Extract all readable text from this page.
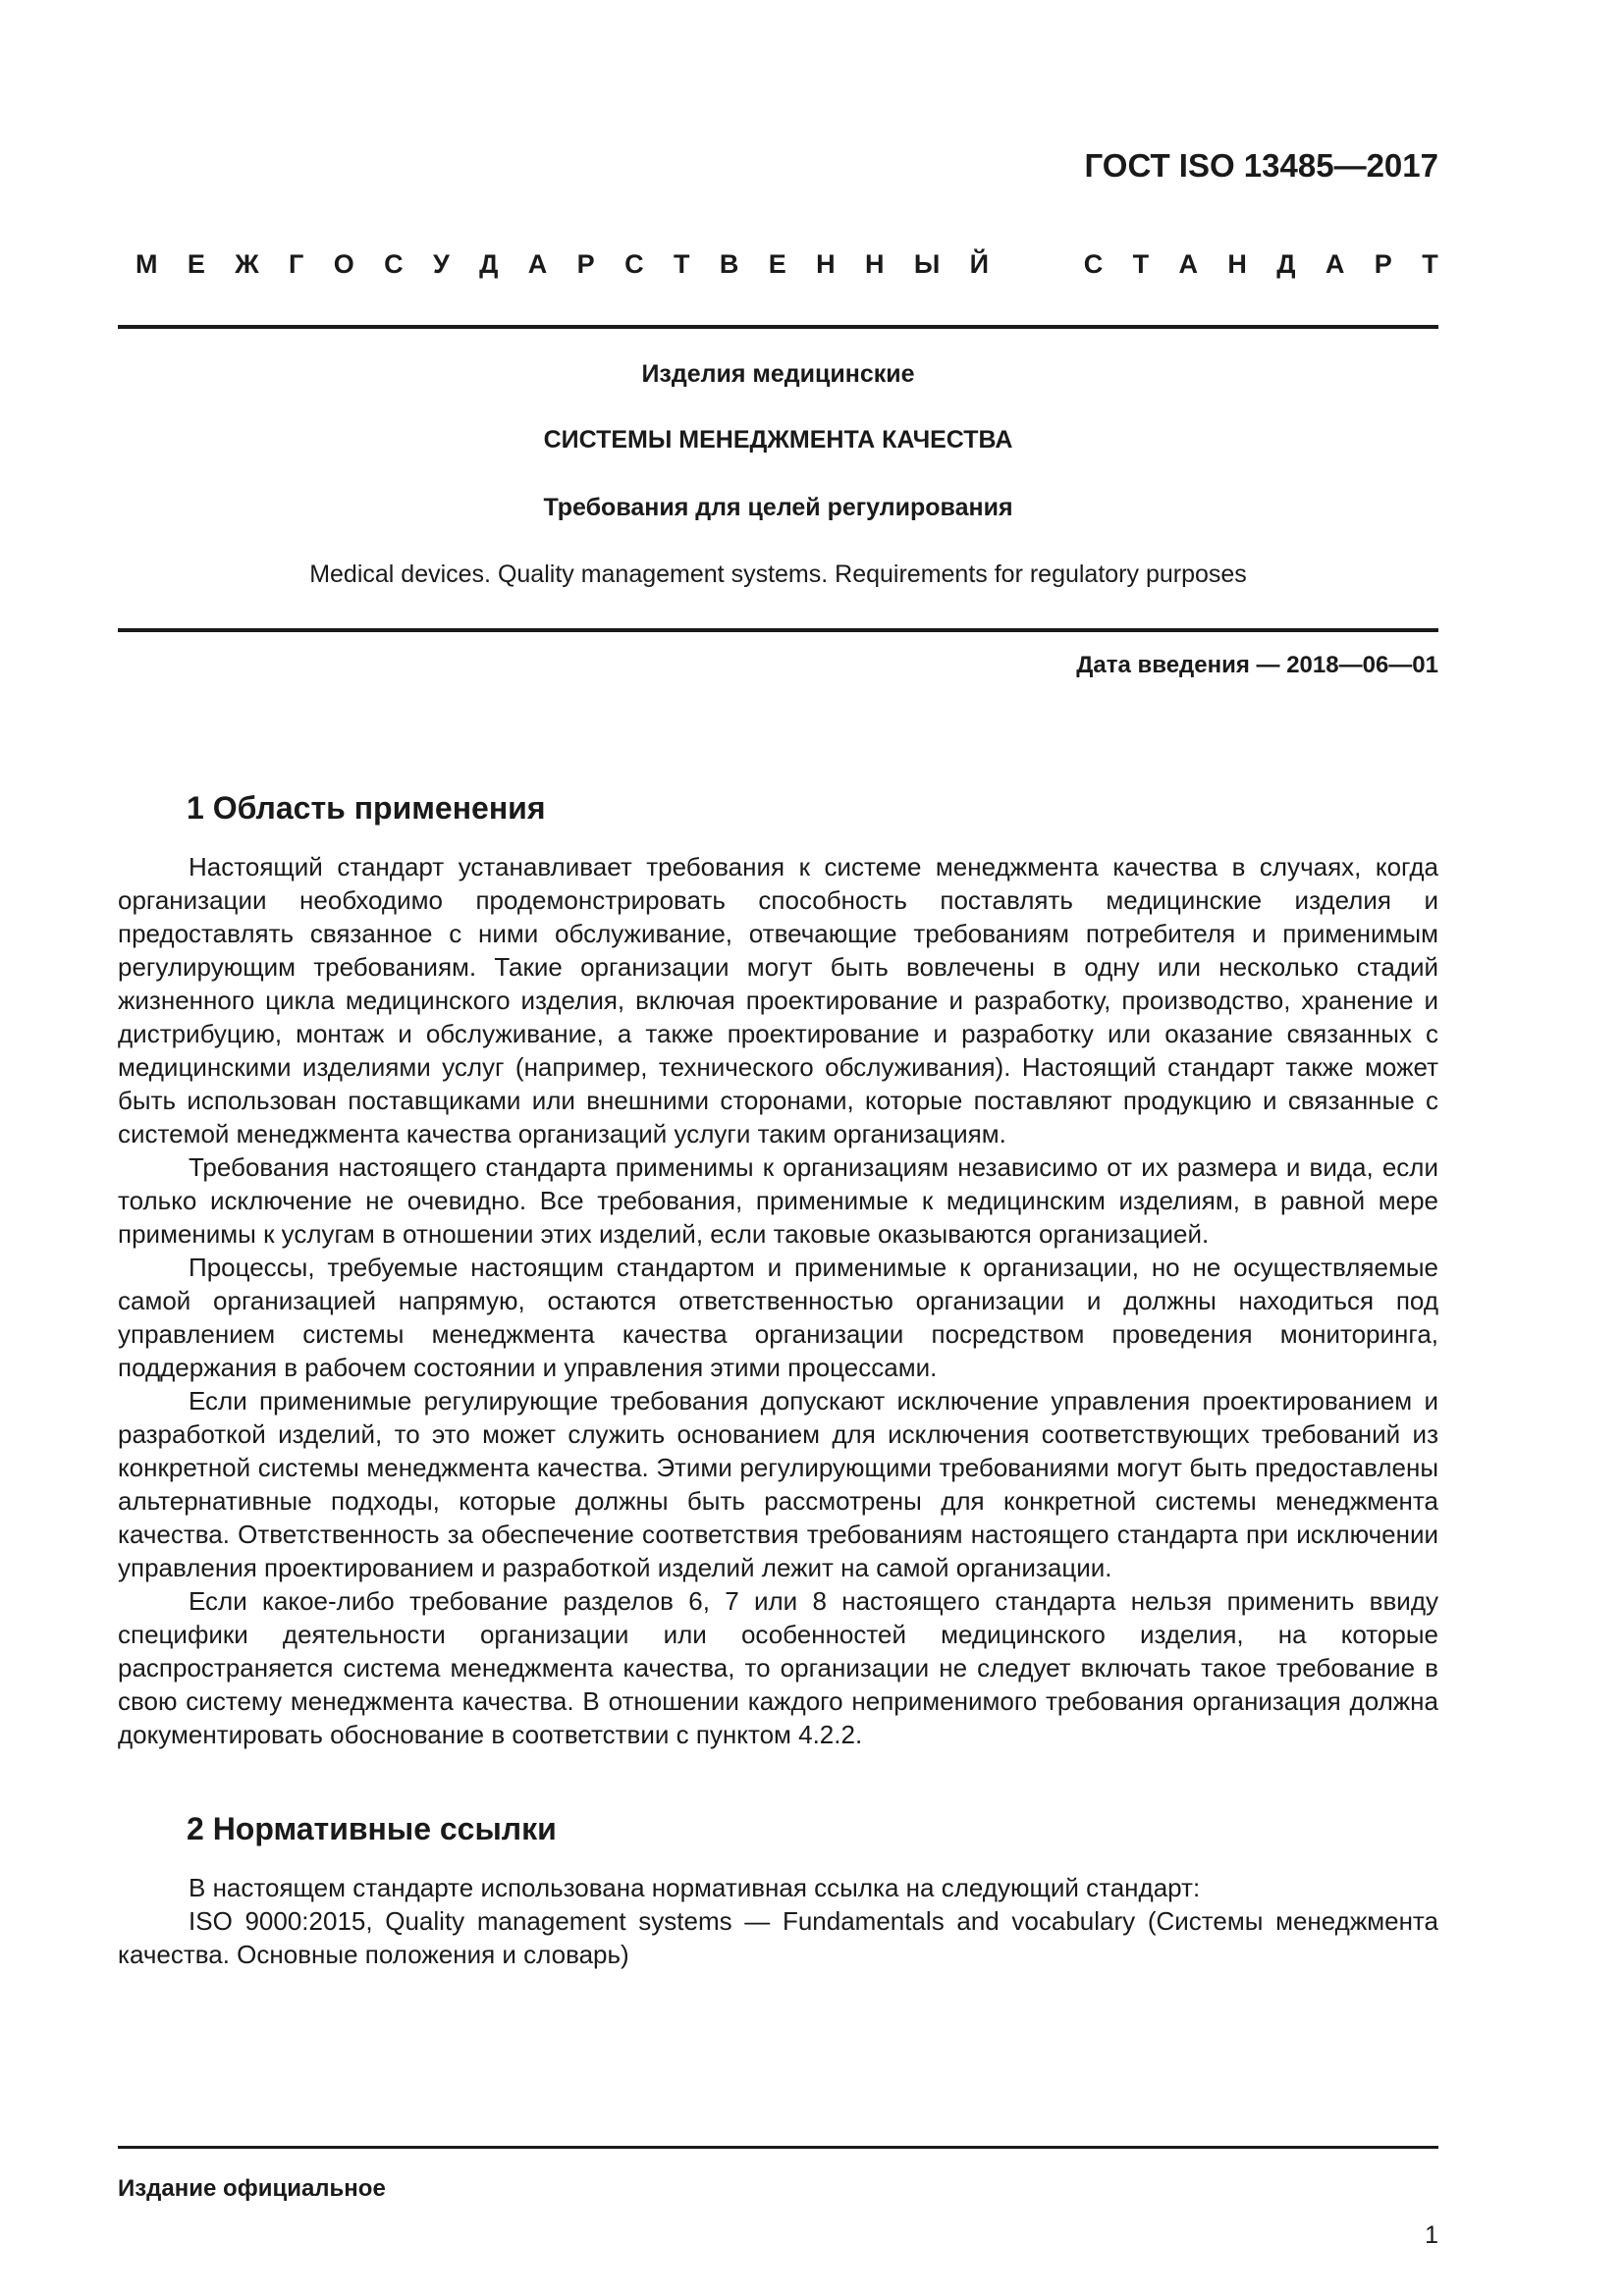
ГОСТ ISO 13485—2017
М Е Ж Г О С У Д А Р С Т В Е Н Н Ы Й	С Т А Н Д А Р Т
Изделия медицинские
СИСТЕМЫ МЕНЕДЖМЕНТА КАЧЕСТВА
Требования для целей регулирования
Medical devices. Quality management systems. Requirements for regulatory purposes
Дата введения — 2018—06—01
1 Область применения

Настоящий стандарт устанавливает требования к системе менеджмента качества в случаях, когда организации необходимо продемонстрировать способность поставлять медицинские изделия и предоставлять связанное с ними обслуживание, отвечающие требованиям потребителя и применимым регулирующим требованиям. Такие организации могут быть вовлечены в одну или несколько стадий жизненного цикла медицинского изделия, включая проектирование и разработку, производство, хранение и дистрибуцию, монтаж и обслуживание, а также проектирование и разработку или оказание связанных с медицинскими изделиями услуг (например, технического обслуживания). Настоящий стандарт также может быть использован поставщиками или внешними сторонами, которые поставляют продукцию и связанные с системой менеджмента качества организаций услуги таким организациям.

Требования настоящего стандарта применимы к организациям независимо от их размера и вида, если только исключение не очевидно. Все требования, применимые к медицинским изделиям, в равной мере применимы к услугам в отношении этих изделий, если таковые оказываются организацией.

Процессы, требуемые настоящим стандартом и применимые к организации, но не осуществляемые самой организацией напрямую, остаются ответственностью организации и должны находиться под управлением системы менеджмента качества организации посредством проведения мониторинга, поддержания в рабочем состоянии и управления этими процессами.

Если применимые регулирующие требования допускают исключение управления проектированием и разработкой изделий, то это может служить основанием для исключения соответствующих требований из конкретной системы менеджмента качества. Этими регулирующими требованиями могут быть предоставлены альтернативные подходы, которые должны быть рассмотрены для конкретной системы менеджмента качества. Ответственность за обеспечение соответствия требованиям настоящего стандарта при исключении управления проектированием и разработкой изделий лежит на самой организации.

Если какое-либо требование разделов 6, 7 или 8 настоящего стандарта нельзя применить ввиду специфики деятельности организации или особенностей медицинского изделия, на которые распространяется система менеджмента качества, то организации не следует включать такое требование в свою систему менеджмента качества. В отношении каждого неприменимого требования организация должна документировать обоснование в соответствии с пунктом 4.2.2.

2 Нормативные ссылки

В настоящем стандарте использована нормативная ссылка на следующий стандарт:

ISO 9000:2015, Quality management systems — Fundamentals and vocabulary (Системы менеджмента качества. Основные положения и словарь)

Издание официальное
1
